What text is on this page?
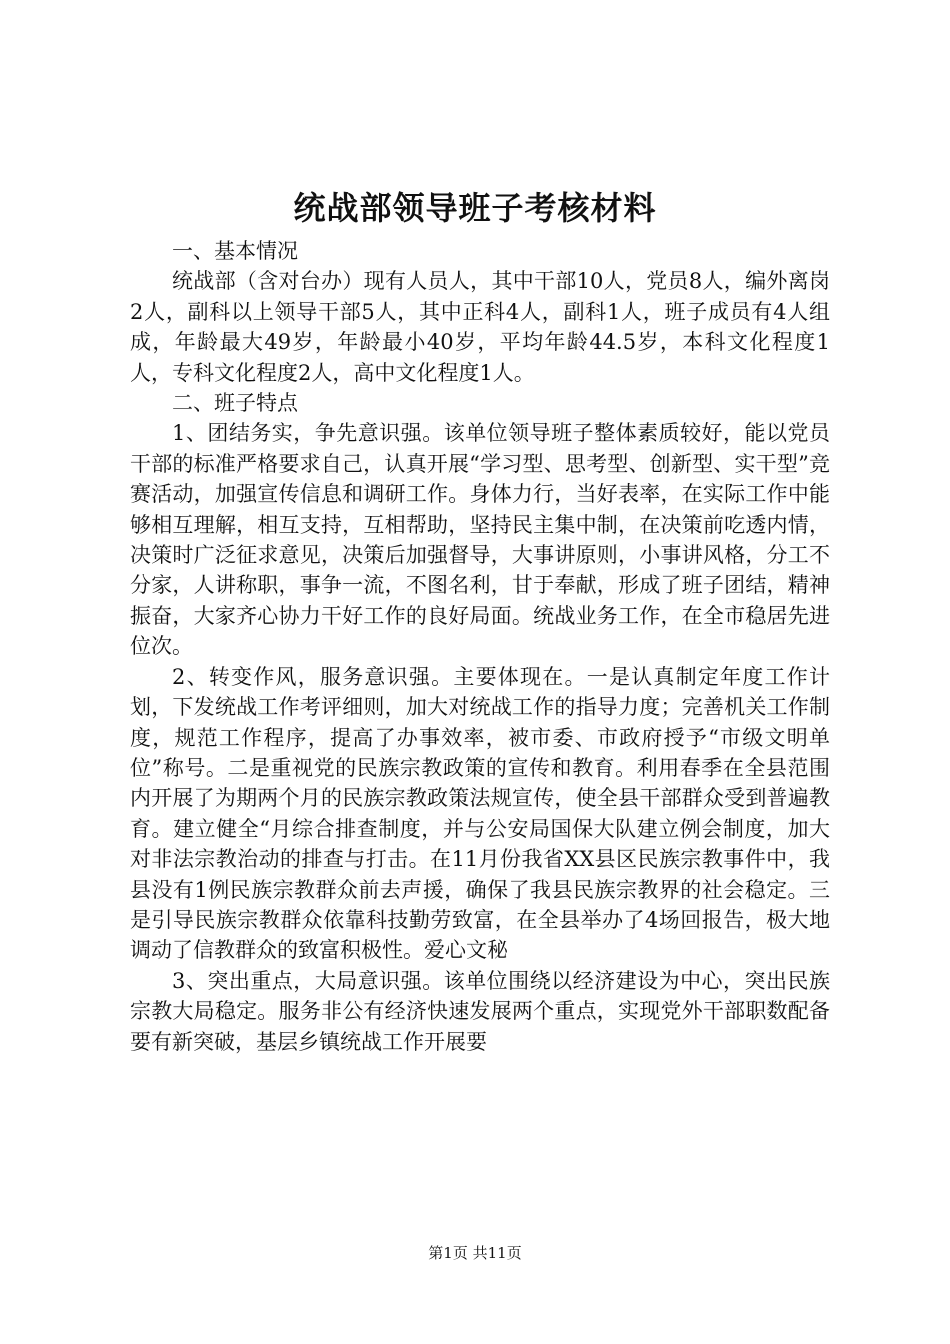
统战部领导班子考核材料

一、基本情况

统战部（含对台办）现有人员人，其中干部10人，党员8人，编外离岗2人，副科以上领导干部5人，其中正科4人，副科1人，班子成员有4人组成，年龄最大49岁，年龄最小40岁，平均年龄44.5岁，本科文化程度1人，专科文化程度2人，高中文化程度1人。

二、班子特点

1、团结务实，争先意识强。该单位领导班子整体素质较好，能以党员干部的标准严格要求自己，认真开展“学习型、思考型、创新型、实干型”竞赛活动，加强宣传信息和调研工作。身体力行，当好表率，在实际工作中能够相互理解，相互支持，互相帮助，坚持民主集中制，在决策前吃透内情，决策时广泛征求意见，决策后加强督导，大事讲原则，小事讲风格，分工不分家，人讲称职，事争一流，不图名利，甘于奉献，形成了班子团结，精神振奋，大家齐心协力干好工作的良好局面。统战业务工作，在全市稳居先进位次。

2、转变作风，服务意识强。主要体现在。一是认真制定年度工作计划，下发统战工作考评细则，加大对统战工作的指导力度；完善机关工作制度，规范工作程序，提高了办事效率，被市委、市政府授予“市级文明单位”称号。二是重视党的民族宗教政策的宣传和教育。利用春季在全县范围内开展了为期两个月的民族宗教政策法规宣传，使全县干部群众受到普遍教育。建立健全“月综合排查制度，并与公安局国保大队建立例会制度，加大对非法宗教治动的排查与打击。在11月份我省XX县区民族宗教事件中，我县没有1例民族宗教群众前去声援，确保了我县民族宗教界的社会稳定。三是引导民族宗教群众依靠科技勤劳致富，在全县举办了4场回报告，极大地调动了信教群众的致富积极性。爱心文秘

3、突出重点，大局意识强。该单位围绕以经济建设为中心，突出民族宗教大局稳定。服务非公有经济快速发展两个重点，实现党外干部职数配备要有新突破，基层乡镇统战工作开展要

第1页 共11页
